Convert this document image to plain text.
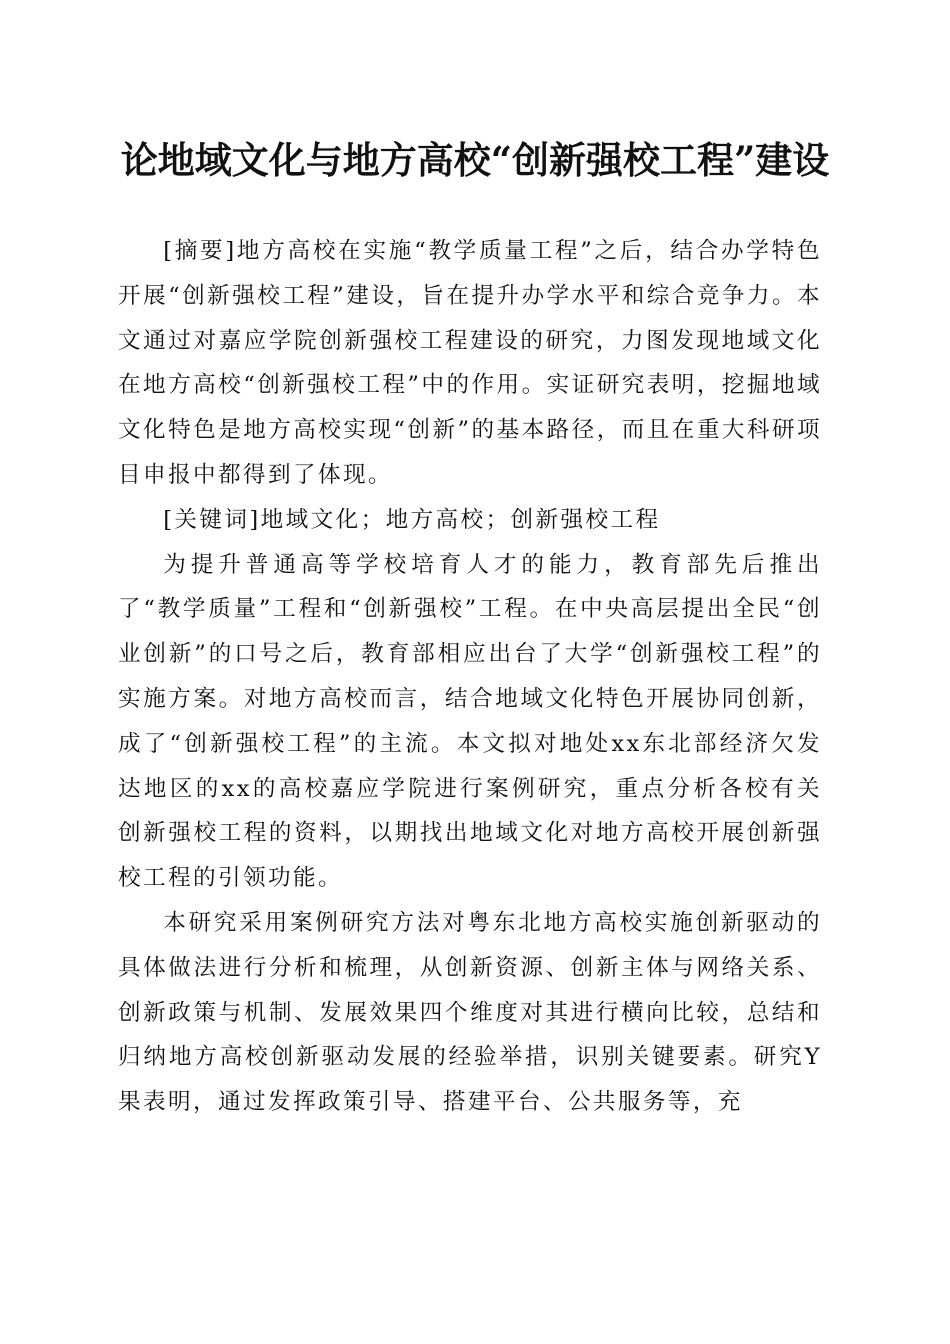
论地域文化与地方高校“创新强校工程”建设

[摘要]地方高校在实施“教学质量工程”之后，结合办学特色开展“创新强校工程”建设，旨在提升办学水平和综合竞争力。本文通过对嘉应学院创新强校工程建设的研究，力图发现地域文化在地方高校“创新强校工程”中的作用。实证研究表明，挖掘地域文化特色是地方高校实现“创新”的基本路径，而且在重大科研项目申报中都得到了体现。

[关键词]地域文化；地方高校；创新强校工程

为提升普通高等学校培育人才的能力，教育部先后推出了“教学质量”工程和“创新强校”工程。在中央高层提出全民“创业创新”的口号之后，教育部相应出台了大学“创新强校工程”的实施方案。对地方高校而言，结合地域文化特色开展协同创新，成了“创新强校工程”的主流。本文拟对地处xx东北部经济欠发达地区的xx的高校嘉应学院进行案例研究，重点分析各校有关创新强校工程的资料，以期找出地域文化对地方高校开展创新强校工程的引领功能。

本研究采用案例研究方法对粤东北地方高校实施创新驱动的具体做法进行分析和梳理，从创新资源、创新主体与网络关系、创新政策与机制、发展效果四个维度对其进行横向比较，总结和归纳地方高校创新驱动发展的经验举措，识别关键要素。研究Y果表明，通过发挥政策引导、搭建平台、公共服务等，充
